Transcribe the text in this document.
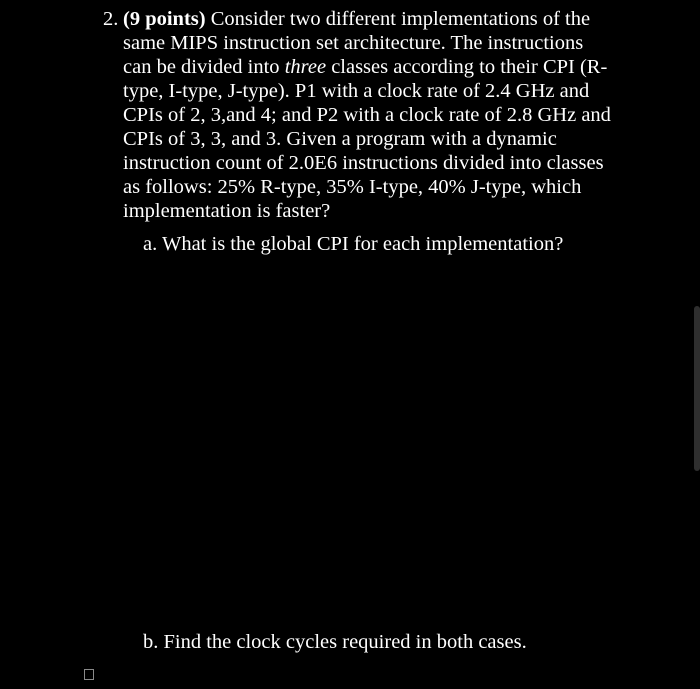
2. (9 points) Consider two different implementations of the
same MIPS instruction set architecture. The instructions
can be divided into three classes according to their CPI (R-
type, I-type, J-type). P1 with a clock rate of 2.4 GHz and
CPIs of 2, 3,and 4; and P2 with a clock rate of 2.8 GHz and
CPIs of 3, 3, and 3. Given a program with a dynamic
instruction count of 2.0E6 instructions divided into classes
as follows: 25% R-type, 35% I-type, 40% J-type, which
implementation is faster?
a. What is the global CPI for each implementation?
b. Find the clock cycles required in both cases.
